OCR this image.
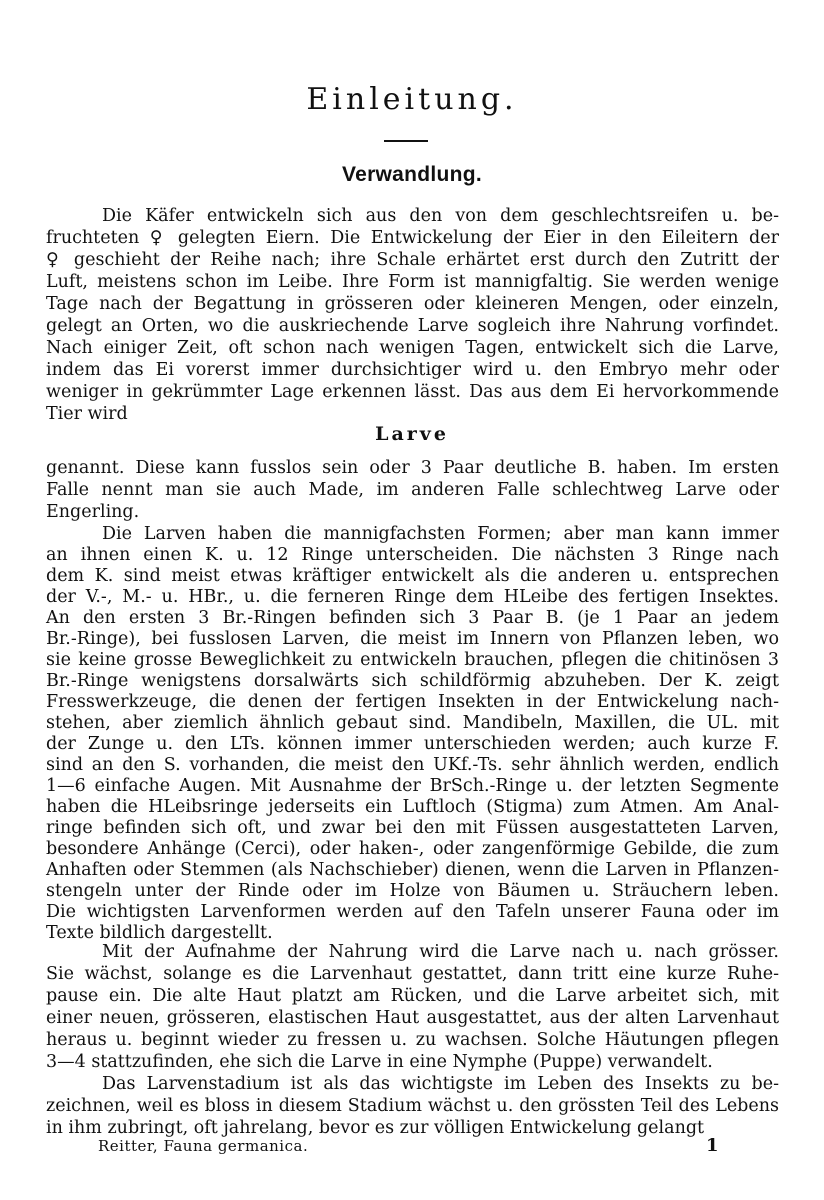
Einleitung.
Verwandlung.
Die Käfer entwickeln sich aus den von dem geschlechtsreifen u. be-
fruchteten ♀ gelegten Eiern. Die Entwickelung der Eier in den Eileitern der
♀ geschieht der Reihe nach; ihre Schale erhärtet erst durch den Zutritt der
Luft, meistens schon im Leibe. Ihre Form ist mannigfaltig. Sie werden wenige
Tage nach der Begattung in grösseren oder kleineren Mengen, oder einzeln,
gelegt an Orten, wo die auskriechende Larve sogleich ihre Nahrung vorfindet.
Nach einiger Zeit, oft schon nach wenigen Tagen, entwickelt sich die Larve,
indem das Ei vorerst immer durchsichtiger wird u. den Embryo mehr oder
weniger in gekrümmter Lage erkennen lässt. Das aus dem Ei hervorkommende
Tier wird
Larve
genannt. Diese kann fusslos sein oder 3 Paar deutliche B. haben. Im ersten
Falle nennt man sie auch Made, im anderen Falle schlechtweg Larve oder
Engerling.
Die Larven haben die mannigfachsten Formen; aber man kann immer
an ihnen einen K. u. 12 Ringe unterscheiden. Die nächsten 3 Ringe nach
dem K. sind meist etwas kräftiger entwickelt als die anderen u. entsprechen
der V.-, M.- u. HBr., u. die ferneren Ringe dem HLeibe des fertigen Insektes.
An den ersten 3 Br.-Ringen befinden sich 3 Paar B. (je 1 Paar an jedem
Br.-Ringe), bei fusslosen Larven, die meist im Innern von Pflanzen leben, wo
sie keine grosse Beweglichkeit zu entwickeln brauchen, pflegen die chitinösen 3
Br.-Ringe wenigstens dorsalwärts sich schildförmig abzuheben. Der K. zeigt
Fresswerkzeuge, die denen der fertigen Insekten in der Entwickelung nach-
stehen, aber ziemlich ähnlich gebaut sind. Mandibeln, Maxillen, die UL. mit
der Zunge u. den LTs. können immer unterschieden werden; auch kurze F.
sind an den S. vorhanden, die meist den UKf.-Ts. sehr ähnlich werden, endlich
1—6 einfache Augen. Mit Ausnahme der BrSch.-Ringe u. der letzten Segmente
haben die HLeibsringe jederseits ein Luftloch (Stigma) zum Atmen. Am Anal-
ringe befinden sich oft, und zwar bei den mit Füssen ausgestatteten Larven,
besondere Anhänge (Cerci), oder haken-, oder zangenförmige Gebilde, die zum
Anhaften oder Stemmen (als Nachschieber) dienen, wenn die Larven in Pflanzen-
stengeln unter der Rinde oder im Holze von Bäumen u. Sträuchern leben.
Die wichtigsten Larvenformen werden auf den Tafeln unserer Fauna oder im
Texte bildlich dargestellt.
Mit der Aufnahme der Nahrung wird die Larve nach u. nach grösser.
Sie wächst, solange es die Larvenhaut gestattet, dann tritt eine kurze Ruhe-
pause ein. Die alte Haut platzt am Rücken, und die Larve arbeitet sich, mit
einer neuen, grösseren, elastischen Haut ausgestattet, aus der alten Larvenhaut
heraus u. beginnt wieder zu fressen u. zu wachsen. Solche Häutungen pflegen
3—4 stattzufinden, ehe sich die Larve in eine Nymphe (Puppe) verwandelt.
Das Larvenstadium ist als das wichtigste im Leben des Insekts zu be-
zeichnen, weil es bloss in diesem Stadium wächst u. den grössten Teil des Lebens
Reitter, Fauna germanica.	1
in ihm zubringt, oft jahrelang, bevor es zur völligen Entwickelung gelangt
